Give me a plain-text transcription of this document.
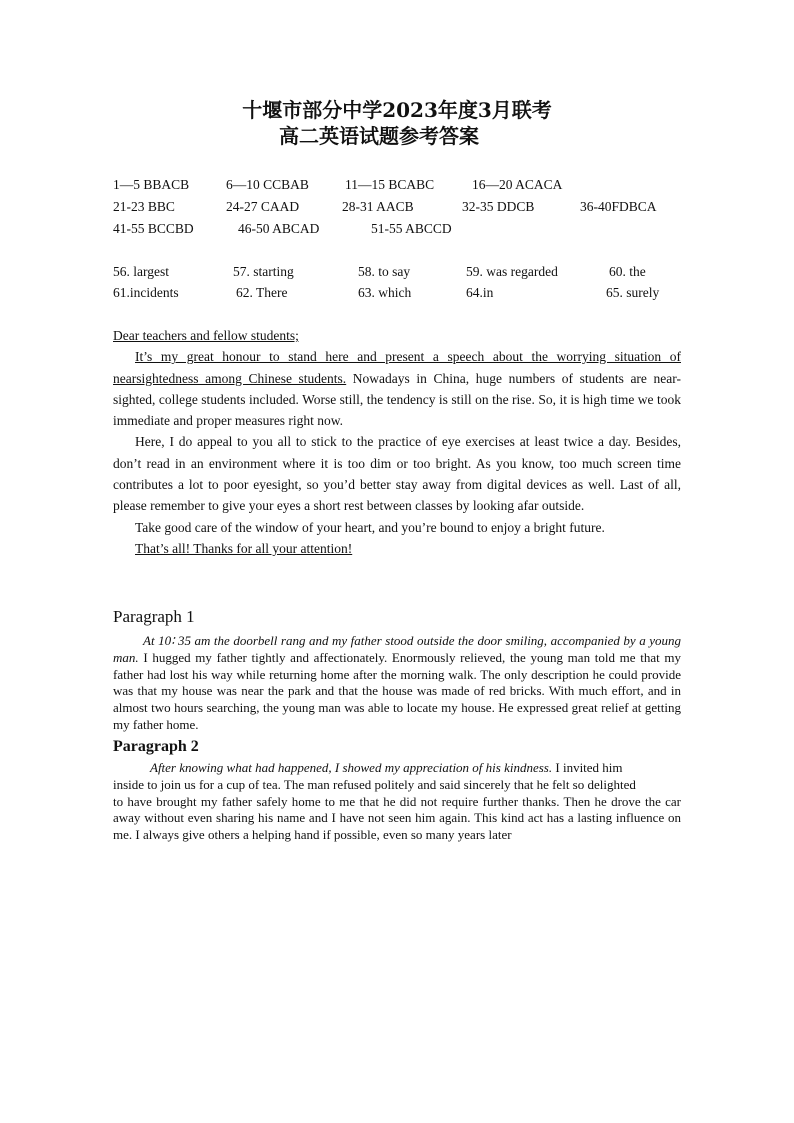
十堰市部分中学2023年度3月联考
高二英语试题参考答案
1—5 BBACB	6—10 CCBAB	11—15 BCABC	16—20 ACACA
21-23 BBC	24-27 CAAD	28-31 AACB	32-35 DDCB	36-40FDBCA
41-55 BCCBD	46-50 ABCAD	51-55 ABCCD
56. largest	57. starting	58. to say	59. was regarded	60. the
61.incidents	62. There	63. which	64.in	65. surely

Dear teachers and fellow students;

It’s my great honour to stand here and present a speech about the worrying situation of nearsightedness among Chinese students. Nowadays in China, huge numbers of students are near-sighted, college students included. Worse still, the tendency is still on the rise. So, it is high time we took immediate and proper measures right now.

Here, I do appeal to you all to stick to the practice of eye exercises at least twice a day. Besides, don’t read in an environment where it is too dim or too bright. As you know, too much screen time contributes a lot to poor eyesight, so you’d better stay away from digital devices as well. Last of all, please remember to give your eyes a short rest between classes by looking afar outside.

Take good care of the window of your heart, and you’re bound to enjoy a bright future.

That’s all! Thanks for all your attention!

Paragraph 1

At 10∶ 35 am the doorbell rang and my father stood outside the door smiling, accompanied by a young man. I hugged my father tightly and affectionately. Enormously relieved, the young man told me that my father had lost his way while returning home after the morning walk. The only description he could provide was that my house was near the park and that the house was made of red bricks. With much effort, and in almost two hours searching, the young man was able to locate my house. He expressed great relief at getting my father home.

Paragraph 2

After knowing what had happened, I showed my appreciation of his kindness. I invited him

inside to join us for a cup of tea. The man refused politely and said sincerely that he felt so delighted

to have brought my father safely home to me that he did not require further thanks. Then he drove the car away without even sharing his name and I have not seen him again. This kind act has a lasting influence on me. I always give others a helping hand if possible, even so many years later
